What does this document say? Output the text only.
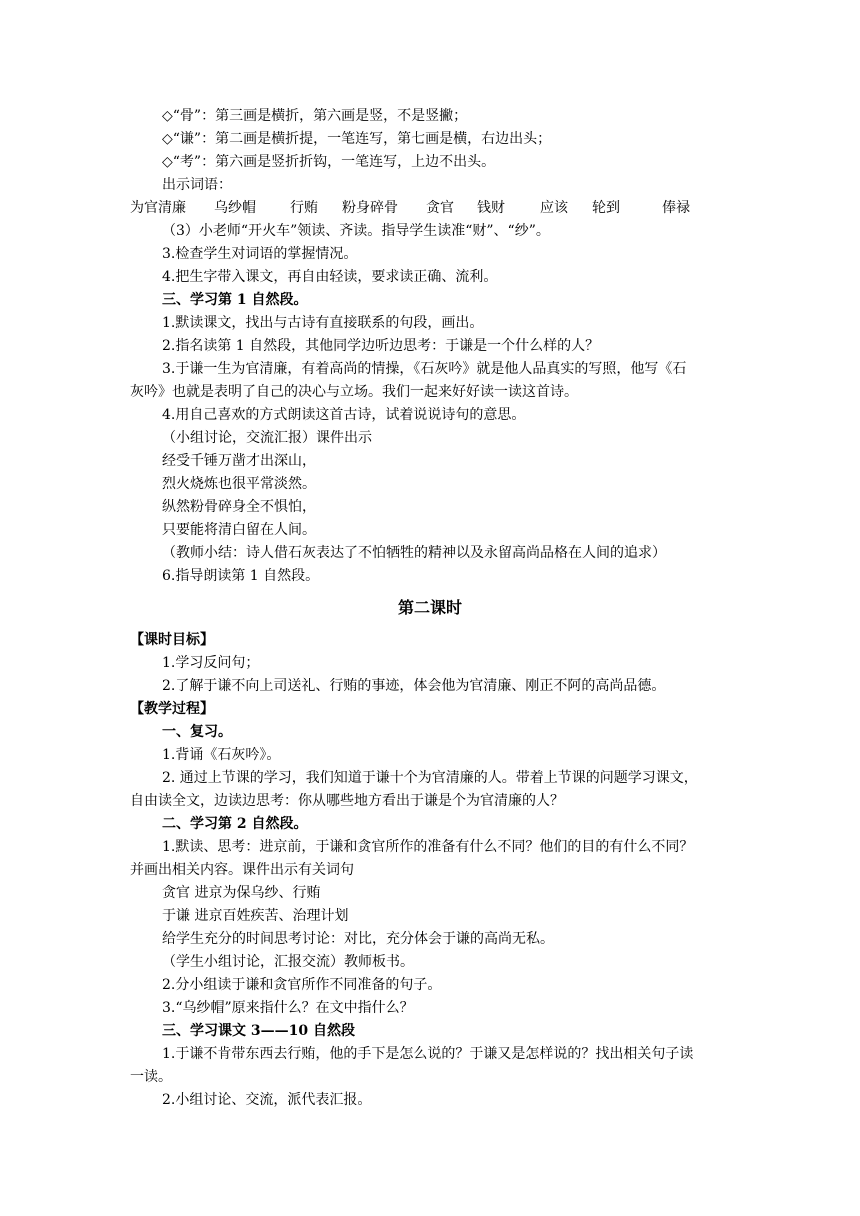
◇“骨”：第三画是横折，第六画是竖，不是竖撇；
◇“谦”：第二画是横折提，一笔连写，第七画是横，右边出头；
◇“考”：第六画是竖折折钩，一笔连写，上边不出头。
出示词语：
为官清廉 乌纱帽 行贿 粉身碎骨 贪官 钱财	应该 轮到	俸禄
（3）小老师“开火车”领读、齐读。指导学生读准“财”、“纱”。
3.检查学生对词语的掌握情况。
4.把生字带入课文，再自由轻读，要求读正确、流利。
三、学习第 1 自然段。
1.默读课文，找出与古诗有直接联系的句段，画出。
2.指名读第 1 自然段，其他同学边听边思考：于谦是一个什么样的人？
3.于谦一生为官清廉，有着高尚的情操，《石灰吟》就是他人品真实的写照，他写《石
灰吟》也就是表明了自己的决心与立场。我们一起来好好读一读这首诗。
4.用自己喜欢的方式朗读这首古诗，试着说说诗句的意思。
（小组讨论，交流汇报）课件出示
经受千锤万凿才出深山，
烈火烧炼也很平常淡然。
纵然粉骨碎身全不惧怕，
只要能将清白留在人间。
（教师小结：诗人借石灰表达了不怕牺牲的精神以及永留高尚品格在人间的追求）
6.指导朗读第 1 自然段。
第二课时
【课时目标】
1.学习反问句；
2.了解于谦不向上司送礼、行贿的事迹，体会他为官清廉、刚正不阿的高尚品德。
【教学过程】
一、复习。
1.背诵《石灰吟》。
2. 通过上节课的学习，我们知道于谦十个为官清廉的人。带着上节课的问题学习课文，
自由读全文，边读边思考：你从哪些地方看出于谦是个为官清廉的人？
二、学习第 2 自然段。
1.默读、思考：进京前，于谦和贪官所作的准备有什么不同？他们的目的有什么不同？
并画出相关内容。课件出示有关词句
贪官 进京为保乌纱、行贿
于谦 进京百姓疾苦、治理计划
给学生充分的时间思考讨论：对比，充分体会于谦的高尚无私。
（学生小组讨论，汇报交流）教师板书。
2.分小组读于谦和贪官所作不同准备的句子。
3.“乌纱帽”原来指什么？在文中指什么？
三、学习课文 3——10 自然段
1.于谦不肯带东西去行贿，他的手下是怎么说的？于谦又是怎样说的？找出相关句子读
一读。
2.小组讨论、交流，派代表汇报。
